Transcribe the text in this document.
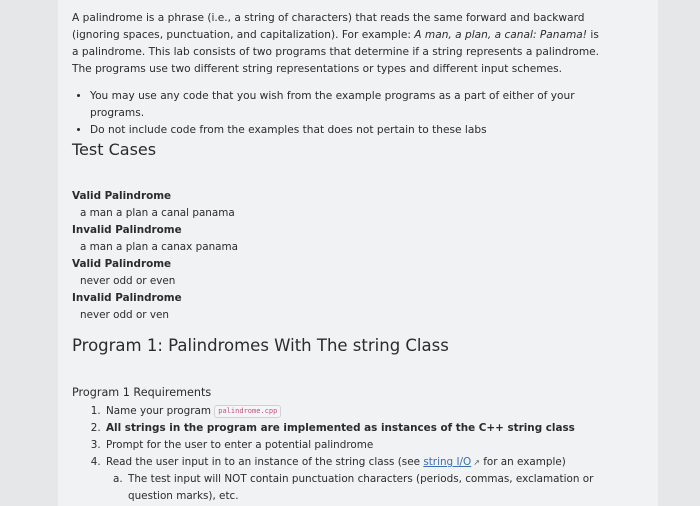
A palindrome is a phrase (i.e., a string of characters) that reads the same forward and backward (ignoring spaces, punctuation, and capitalization). For example: A man, a plan, a canal: Panama! is a palindrome. This lab consists of two programs that determine if a string represents a palindrome. The programs use two different string representations or types and different input schemes.

• You may use any code that you wish from the example programs as a part of either of your programs.
• Do not include code from the examples that does not pertain to these labs
Test Cases
Valid Palindrome
a man a plan a canal panama
Invalid Palindrome
a man a plan a canax panama
Valid Palindrome
never odd or even
Invalid Palindrome
never odd or ven
Program 1: Palindromes With The string Class
Program 1 Requirements
1. Name your program palindrome.cpp
2. All strings in the program are implemented as instances of the C++ string class
3. Prompt for the user to enter a potential palindrome
4. Read the user input in to an instance of the string class (see string I/O ↗ for an example)
a. The test input will NOT contain punctuation characters (periods, commas, exclamation or question marks), etc.
